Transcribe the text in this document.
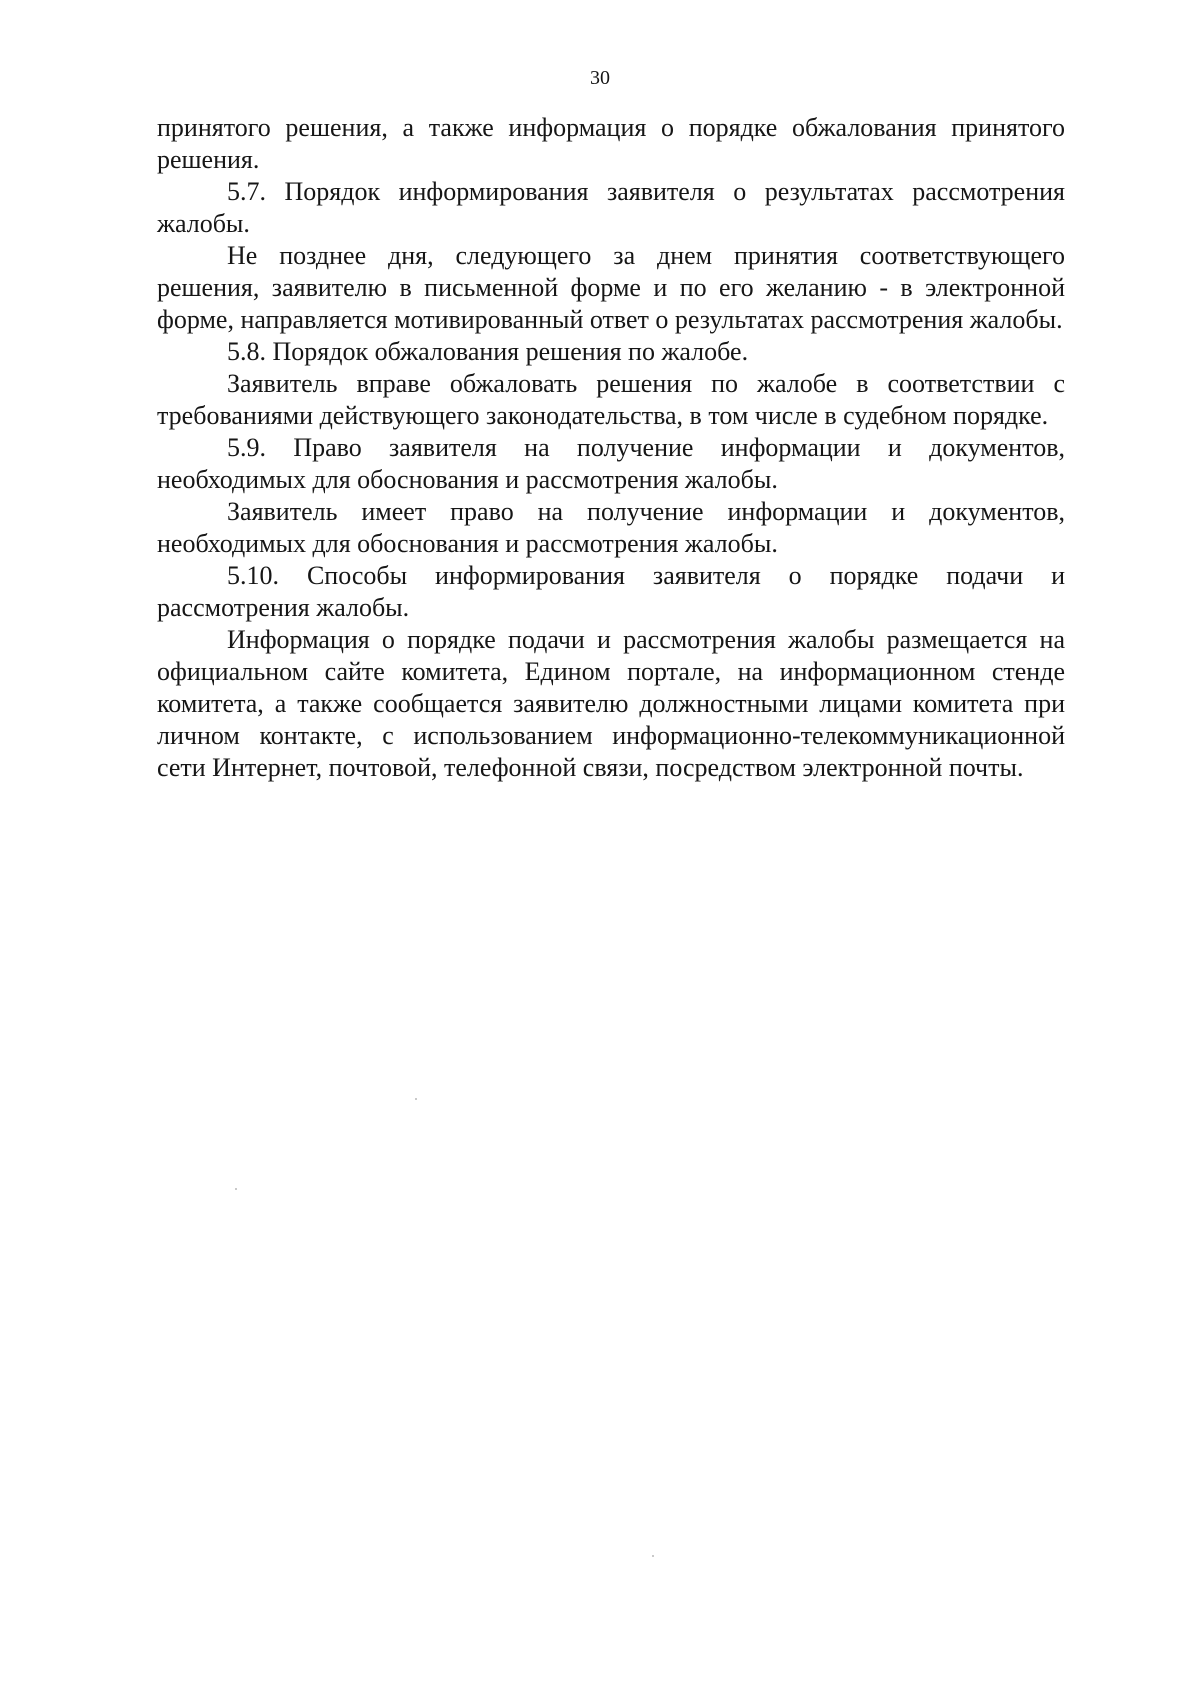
30

принятого решения, а также информация о порядке обжалования принятого решения.

5.7. Порядок информирования заявителя о результатах рассмотрения жалобы.

Не позднее дня, следующего за днем принятия соответствующего решения, заявителю в письменной форме и по его желанию - в электронной форме, направляется мотивированный ответ о результатах рассмотрения жалобы.

5.8. Порядок обжалования решения по жалобе.

Заявитель вправе обжаловать решения по жалобе в соответствии с требованиями действующего законодательства, в том числе в судебном порядке.

5.9. Право заявителя на получение информации и документов, необходимых для обоснования и рассмотрения жалобы.

Заявитель имеет право на получение информации и документов, необходимых для обоснования и рассмотрения жалобы.

5.10. Способы информирования заявителя о порядке подачи и рассмотрения жалобы.

Информация о порядке подачи и рассмотрения жалобы размещается на официальном сайте комитета, Едином портале, на информационном стенде комитета, а также сообщается заявителю должностными лицами комитета при личном контакте, с использованием информационно-телекоммуникационной сети Интернет, почтовой, телефонной связи, посредством электронной почты.
